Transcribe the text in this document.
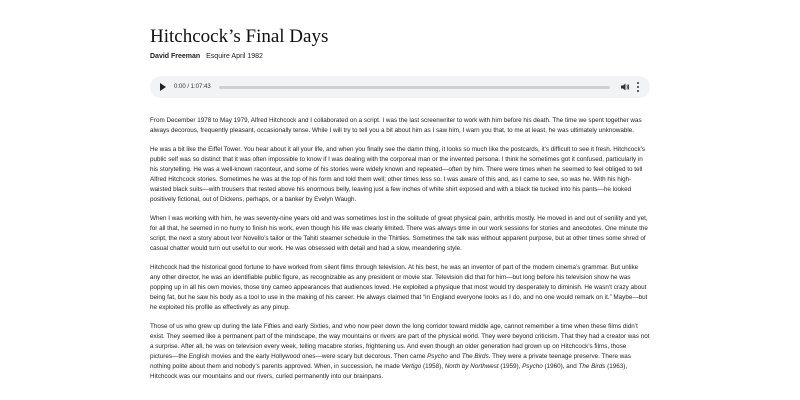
Hitchcock’s Final Days
David Freeman Esquire April 1982
0:00 / 1:07:43

From December 1978 to May 1979, Alfred Hitchcock and I collaborated on a script. I was the last screenwriter to work with him before his death. The time we spent together was always decorous, frequently pleasant, occasionally tense. While I will try to tell you a bit about him as I saw him, I warn you that, to me at least, he was ultimately unknowable.

He was a bit like the Eiffel Tower. You hear about it all your life, and when you finally see the damn thing, it looks so much like the postcards, it’s difficult to see it fresh. Hitchcock’s public self was so distinct that it was often impossible to know if I was dealing with the corporeal man or the invented persona. I think he sometimes got it confused, particularly in his storytelling. He was a well-known raconteur, and some of his stories were widely known and repeated—often by him. There were times when he seemed to feel obliged to tell Alfred Hitchcock stories. Sometimes he was at the top of his form and told them well; other times less so. I was aware of this and, as I came to see, so was he. With his high-waisted black suits—with trousers that rested above his enormous belly, leaving just a few inches of white shirt exposed and with a black tie tucked into his pants—he looked positively fictional, out of Dickens, perhaps, or a banker by Evelyn Waugh.

When I was working with him, he was seventy-nine years old and was sometimes lost in the solitude of great physical pain, arthritis mostly. He moved in and out of senility and yet, for all that, he seemed in no hurry to finish his work, even though his life was clearly limited. There was always time in our work sessions for stories and anecdotes. One minute the script, the next a story about Ivor Novello’s tailor or the Tahiti steamer schedule in the Thirties. Sometimes the talk was without apparent purpose, but at other times some shred of casual chatter would turn out useful to our work. He was obsessed with detail and had a slow, meandering style.

Hitchcock had the historical good fortune to have worked from silent films through television. At his best, he was an inventor of part of the modern cinema’s grammar. But unlike any other director, he was an identifiable public figure, as recognizable as any president or movie star. Television did that for him—but long before his television show he was popping up in all his own movies, those tiny cameo appearances that audiences loved. He exploited a physique that most would try desperately to diminish. He wasn’t crazy about being fat, but he saw his body as a tool to use in the making of his career. He always claimed that “in England everyone looks as I do, and no one would remark on it.” Maybe—but he exploited his profile as effectively as any pinup.

Those of us who grew up during the late Fifties and early Sixties, and who now peer down the long corridor toward middle age, cannot remember a time when these films didn’t exist. They seemed like a permanent part of the mindscape, the way mountains or rivers are part of the physical world. They were beyond criticism. That they had a creator was not a surprise. After all, he was on television every week, telling macabre stories, frightening us. And even though an older generation had grown up on Hitchcock’s films, those pictures—the English movies and the early Hollywood ones—were scary but decorous. Then came Psycho and The Birds. They were a private teenage preserve. There was nothing polite about them and nobody’s parents approved. When, in succession, he made Vertigo (1958), North by Northwest (1959), Psycho (1960), and The Birds (1963), Hitchcock was our mountains and our rivers, curled permanently into our brainpans.
